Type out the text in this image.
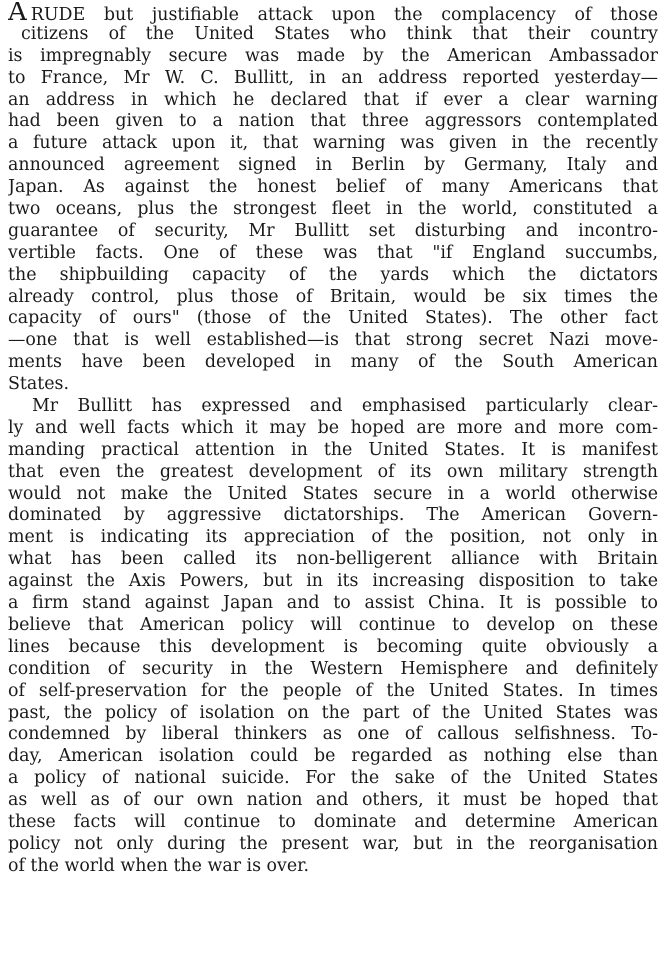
A RUDE but justifiable attack upon the complacency of those
citizens of the United States who think that their country
is impregnably secure was made by the American Ambassador
to France, Mr W. C. Bullitt, in an address reported yesterday—
an address in which he declared that if ever a clear warning
had been given to a nation that three aggressors contemplated
a future attack upon it, that warning was given in the recently
announced agreement signed in Berlin by Germany, Italy and
Japan. As against the honest belief of many Americans that
two oceans, plus the strongest fleet in the world, constituted a
guarantee of security, Mr Bullitt set disturbing and incontro-
vertible facts. One of these was that "if England succumbs,
the shipbuilding capacity of the yards which the dictators
already control, plus those of Britain, would be six times the
capacity of ours" (those of the United States). The other fact
—one that is well established—is that strong secret Nazi move-
ments have been developed in many of the South American
States.
Mr Bullitt has expressed and emphasised particularly clear-
ly and well facts which it may be hoped are more and more com-
manding practical attention in the United States. It is manifest
that even the greatest development of its own military strength
would not make the United States secure in a world otherwise
dominated by aggressive dictatorships. The American Govern-
ment is indicating its appreciation of the position, not only in
what has been called its non-belligerent alliance with Britain
against the Axis Powers, but in its increasing disposition to take
a firm stand against Japan and to assist China. It is possible to
believe that American policy will continue to develop on these
lines because this development is becoming quite obviously a
condition of security in the Western Hemisphere and definitely
of self-preservation for the people of the United States. In times
past, the policy of isolation on the part of the United States was
condemned by liberal thinkers as one of callous selfishness. To-
day, American isolation could be regarded as nothing else than
a policy of national suicide. For the sake of the United States
as well as of our own nation and others, it must be hoped that
these facts will continue to dominate and determine American
policy not only during the present war, but in the reorganisation
of the world when the war is over.
